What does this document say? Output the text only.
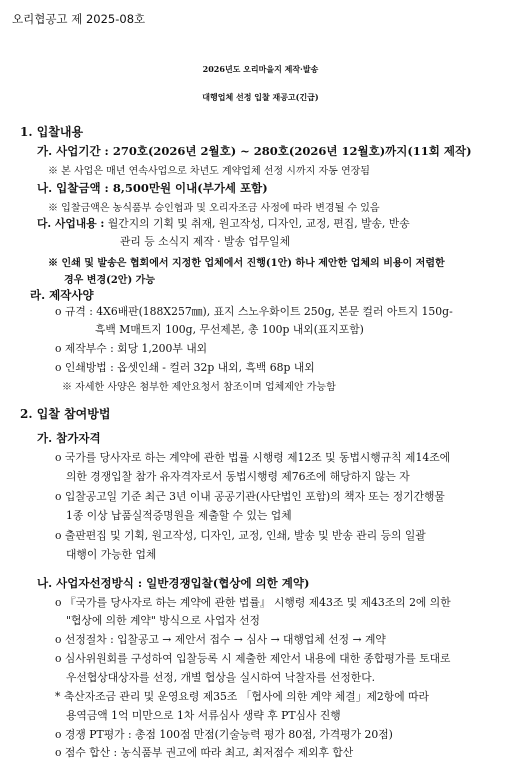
오리협공고 제 2025-08호
2026년도 오리마을지 제작·발송
대행업체 선정 입찰 재공고(긴급)
1. 입찰내용
가. 사업기간 : 270호(2026년 2월호) ~ 280호(2026년 12월호)까지(11회 제작)
※ 본 사업은 매년 연속사업으로 차년도 계약업체 선정 시까지 자동 연장됨
나. 입찰금액 : 8,500만원 이내(부가세 포함)
※ 입찰금액은 농식품부 승인협과 및 오리자조금 사정에 따라 변경될 수 있음
다. 사업내용 : 월간지의 기획 및 취재, 원고작성, 디자인, 교정, 편집, 발송, 반송
관리 등 소식지 제작 · 발송 업무일체
※ 인쇄 및 발송은 협회에서 지정한 업체에서 진행(1안) 하나 제안한 업체의 비용이 저렴한
경우 변경(2안) 가능
라. 제작사양
o 규격 : 4X6배판(188X257㎜), 표지 스노우화이트 250g, 본문 컬러 아트지 150g-
흑백 M매트지 100g, 무선제본, 총 100p 내외(표지포함)
o 제작부수 : 회당 1,200부 내외
o 인쇄방법 : 옵셋인쇄 - 컬러 32p 내외, 흑백 68p 내외
※ 자세한 사양은 첨부한 제안요청서 참조이며 업체제안 가능함
2. 입찰 참여방법
가. 참가자격
o 국가를 당사자로 하는 계약에 관한 법률 시행령 제12조 및 동법시행규칙 제14조에
의한 경쟁입찰 참가 유자격자로서 동법시행령 제76조에 해당하지 않는 자
o 입찰공고일 기준 최근 3년 이내 공공기관(사단법인 포함)의 책자 또는 정기간행물
1종 이상 납품실적증명원을 제출할 수 있는 업체
o 출판편집 및 기획, 원고작성, 디자인, 교정, 인쇄, 발송 및 반송 관리 등의 일괄
대행이 가능한 업체
나. 사업자선정방식 : 일반경쟁입찰(협상에 의한 계약)
o 『국가를 당사자로 하는 계약에 관한 법률』 시행령 제43조 및 제43조의 2에 의한
"협상에 의한 계약" 방식으로 사업자 선정
o 선정절차 : 입찰공고 → 제안서 접수 → 심사 → 대행업체 선정 → 계약
o 심사위원회를 구성하여 입찰등록 시 제출한 제안서 내용에 대한 종합평가를 토대로
우선협상대상자를 선정, 개별 협상을 실시하여 낙찰자를 선정한다.
* 축산자조금 관리 및 운영요령 제35조 「협사에 의한 계약 체결」제2항에 따라
용역금액 1억 미만으로 1차 서류심사 생략 후 PT심사 진행
o 경쟁 PT평가 : 총점 100점 만점(기술능력 평가 80점, 가격평가 20점)
o 점수 합산 : 농식품부 권고에 따라 최고, 최저점수 제외후 합산
